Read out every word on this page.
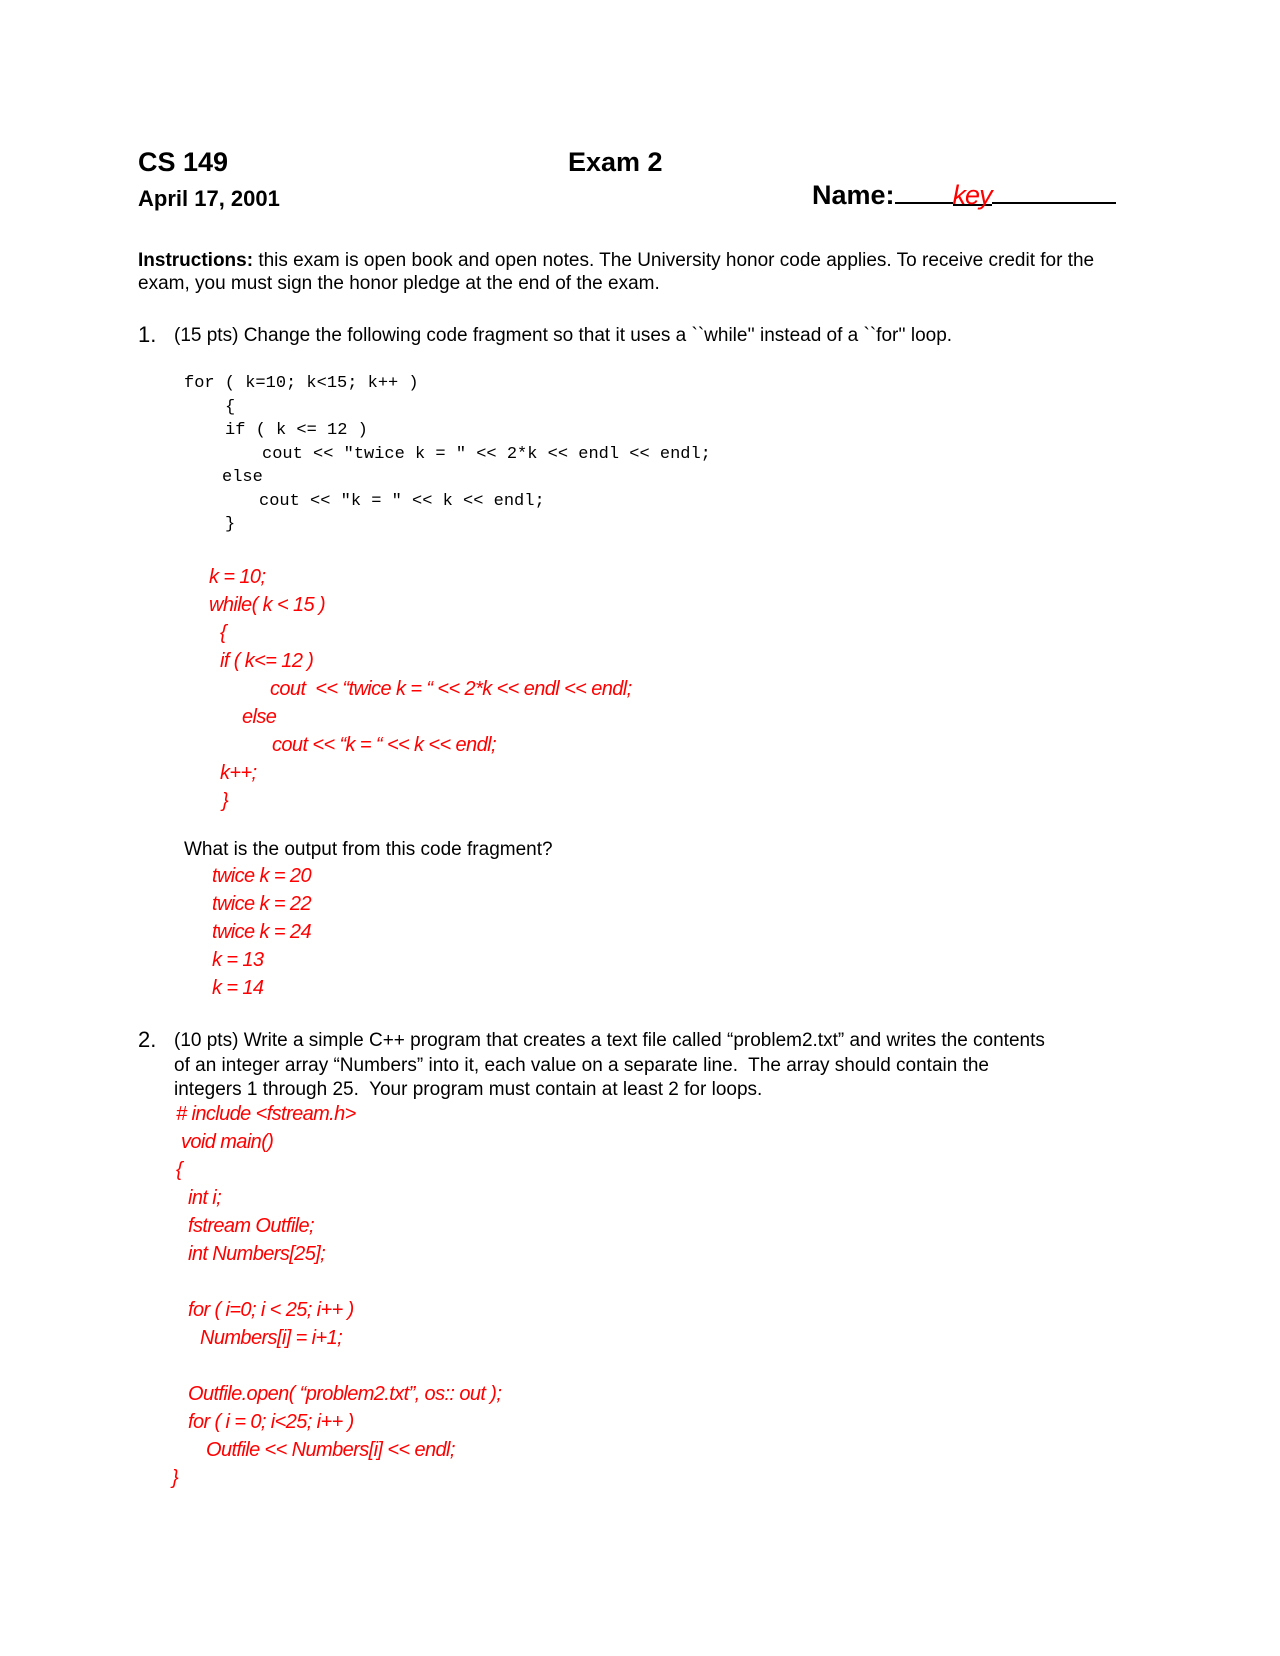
CS 149
April 17, 2001
Exam 2

Name: key

Instructions: this exam is open book and open notes. The University honor code applies. To receive credit for the exam, you must sign the honor pledge at the end of the exam.
1. (15 pts) Change the following code fragment so that it uses a ``while'' instead of a ``for'' loop.
for ( k=10; k<15; k++ )
{
if ( k <= 12 )
cout << "twice k = " << 2*k << endl << endl;
else
cout << "k = " << k << endl;
}
k = 10;
while( k < 15 )
{
if ( k<= 12 )
cout  << “twice k = “ << 2*k << endl << endl;
else
cout << “k = “ << k << endl;
k++;
}
What is the output from this code fragment?
twice k = 20
twice k = 22
twice k = 24
k = 13
k = 14
2. (10 pts) Write a simple C++ program that creates a text file called “problem2.txt” and writes the contents
of an integer array “Numbers” into it, each value on a separate line.  The array should contain the
integers 1 through 25.  Your program must contain at least 2 for loops.
# include <fstream.h>
void main()
{
int i;
fstream Outfile;
int Numbers[25];
for ( i=0; i < 25; i++ )
Numbers[i] = i+1;
Outfile.open( “problem2.txt”, os:: out );
for ( i = 0; i<25; i++ )
Outfile << Numbers[i] << endl;
}
